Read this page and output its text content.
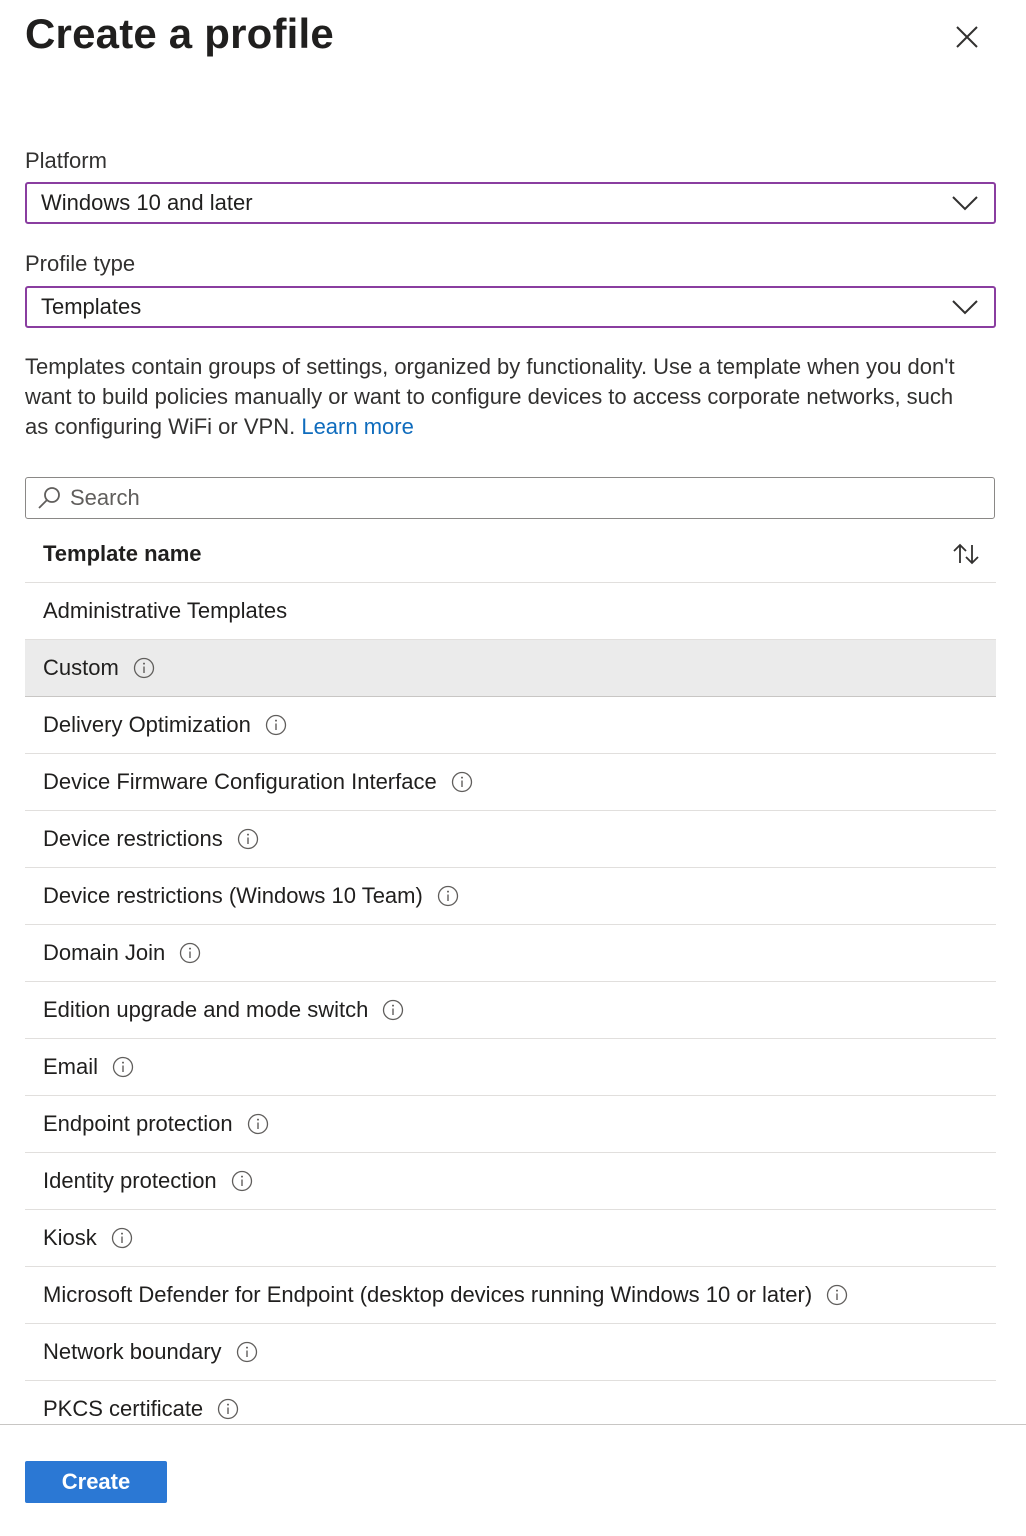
Create a profile
Platform
Windows 10 and later
Profile type
Templates

Templates contain groups of settings, organized by functionality. Use a template when you don't want to build policies manually or want to configure devices to access corporate networks, such as configuring WiFi or VPN. Learn more

Search
Template name
Administrative Templates
Custom
Delivery Optimization
Device Firmware Configuration Interface
Device restrictions
Device restrictions (Windows 10 Team)
Domain Join
Edition upgrade and mode switch
Email
Endpoint protection
Identity protection
Kiosk
Microsoft Defender for Endpoint (desktop devices running Windows 10 or later)
Network boundary
PKCS certificate
Create
